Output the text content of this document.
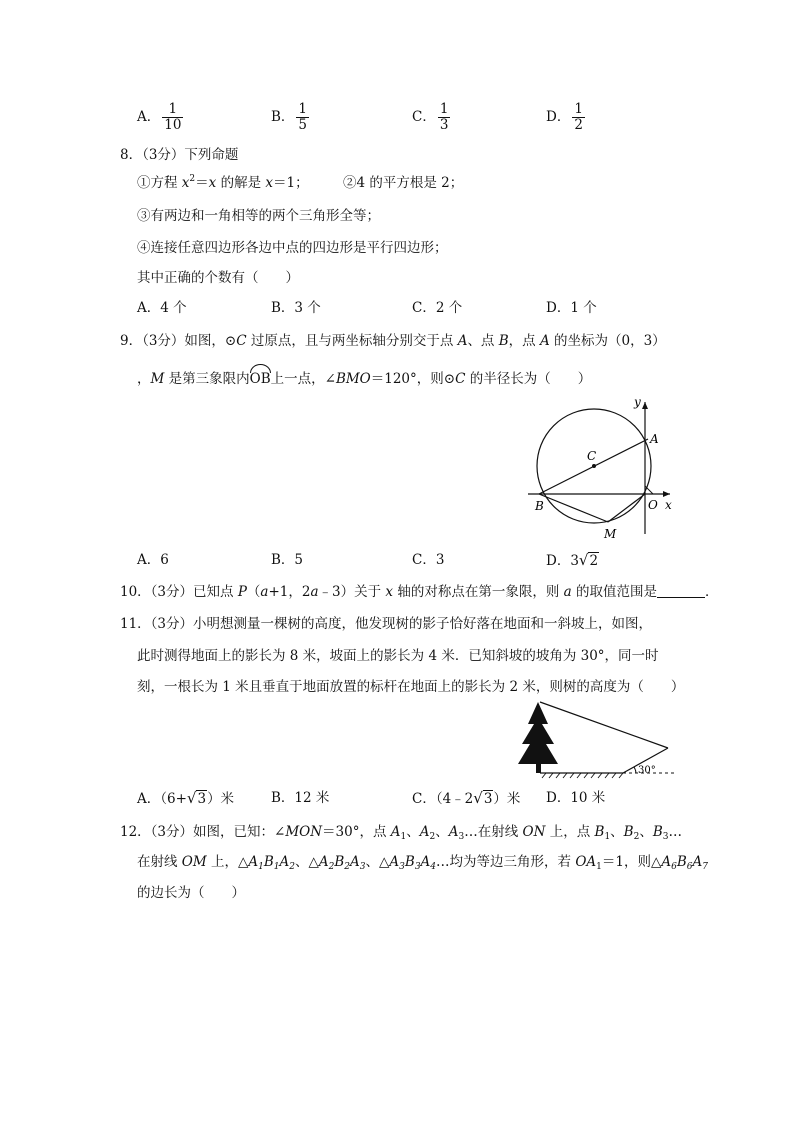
A． $\frac{1}{10}$	B． $\frac{1}{5}$	C． $\frac{1}{3}$	D． $\frac{1}{2}$
8．（3分）下列命题
①方程 $x^2=x$ 的解是 x＝1；	②4 的平方根是 2；
③有两边和一角相等的两个三角形全等；
④连接任意四边形各边中点的四边形是平行四边形；
其中正确的个数有（　　）
A．4 个	B．3 个	C．2 个	D．1 个
9．（3分）如图，⊙C 过原点，且与两坐标轴分别交于点 A、点 B，点 A 的坐标为（0，3）
，M 是第三象限内OB上一点，∠BMO＝120°，则⊙C 的半径长为（　　）
y
A
C
B	O x
M
A．6	B．5	C．3	D．3√2
10．（3分）已知点 P（a+1，2a﹣3）关于 x 轴的对称点在第一象限，则 a 的取值范围是	．
11．（3分）小明想测量一棵树的高度，他发现树的影子恰好落在地面和一斜坡上，如图，
此时测得地面上的影长为 8 米，坡面上的影长为 4 米．已知斜坡的坡角为 30°，同一时
刻，一根长为 1 米且垂直于地面放置的标杆在地面上的影长为 2 米，则树的高度为（　　）
30°
A．（6+√3）米	B．12 米	C．（4﹣2√3）米 D．10 米
12．（3分）如图，已知：∠MON＝30°，点 $A_1$、$A_2$、$A_3\dots$在射线 ON 上，点 $B_1$、$B_2$、$B_3\dots$
在射线 OM 上，$\triangle A_1B_1A_2$、$\triangle A_2B_2A_3$、$\triangle A_3B_3A_4\dots$均为等边三角形，若 $OA_1=1$，则$\triangle A_6B_6A_7$
的边长为（　　）
